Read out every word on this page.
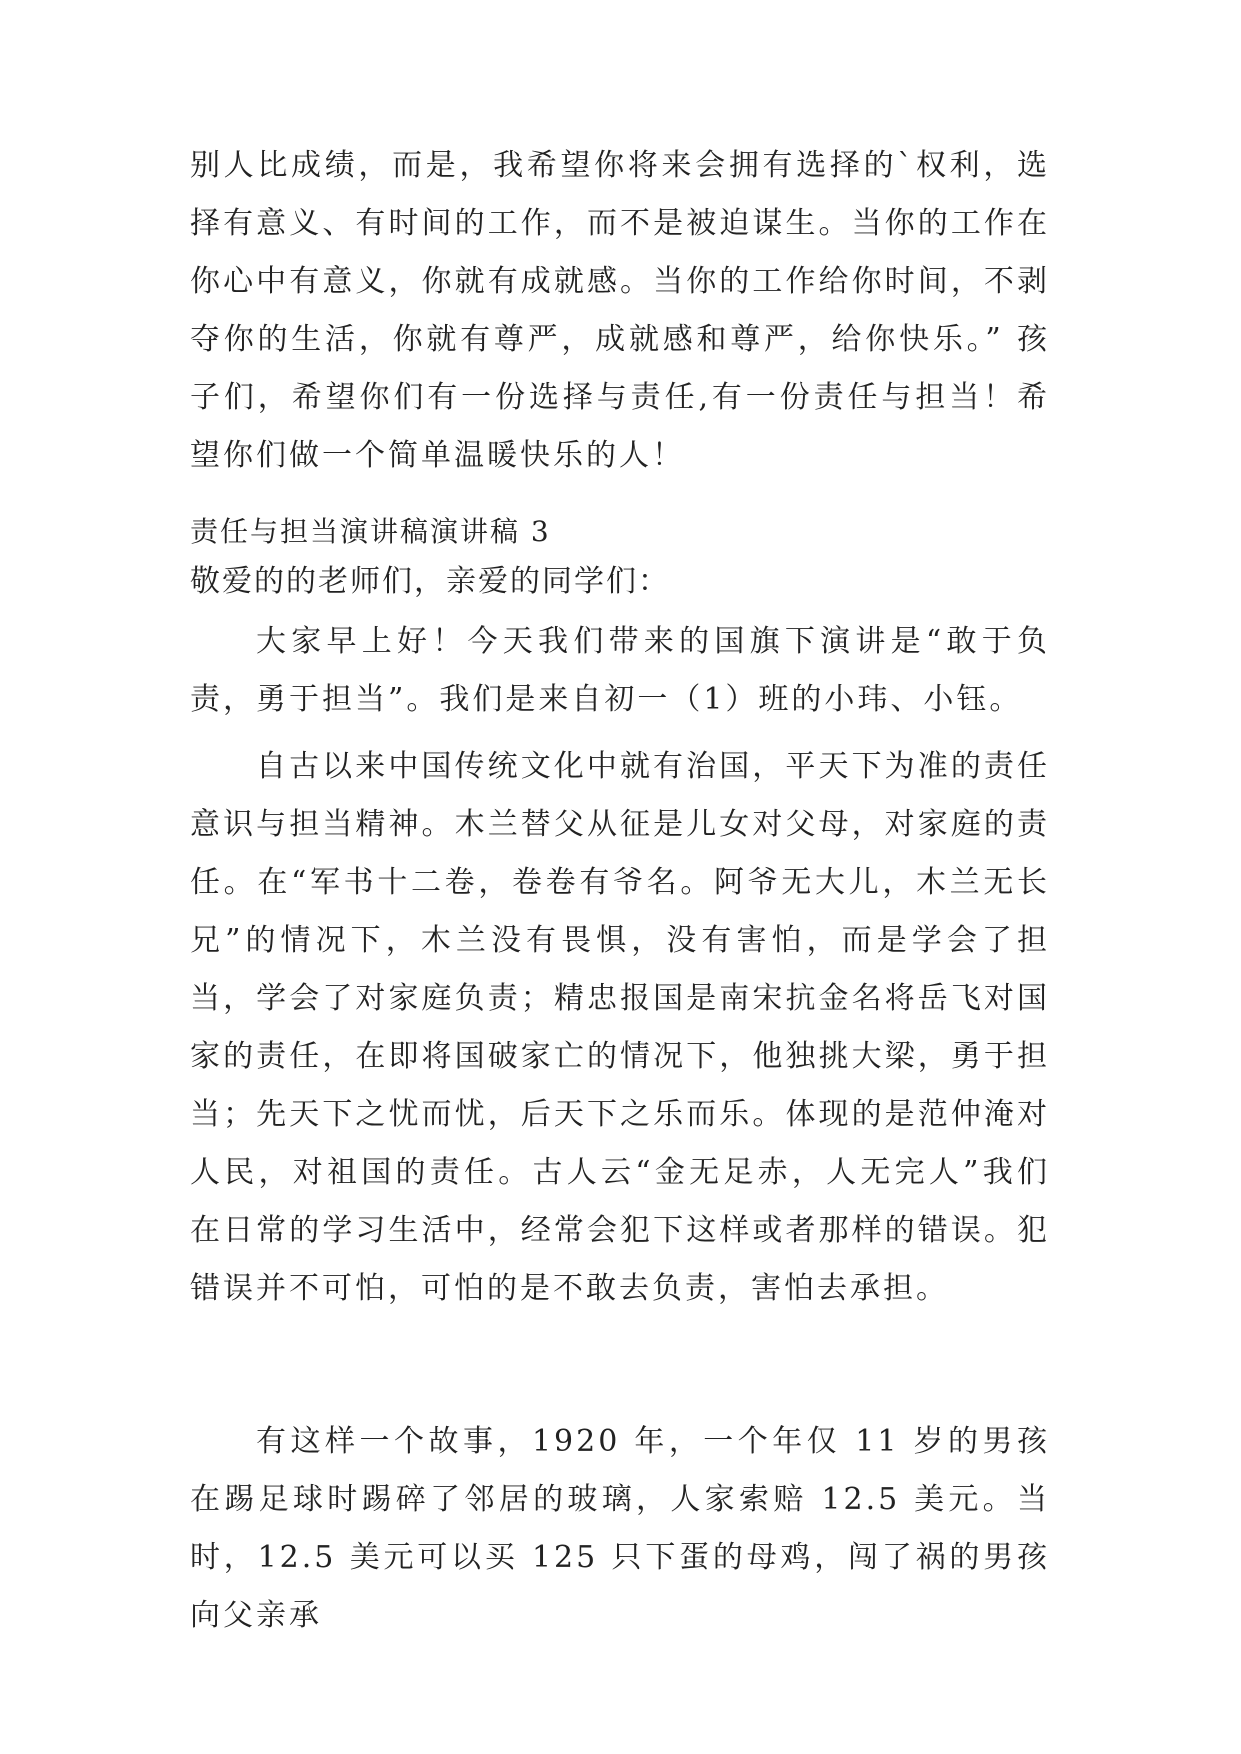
别人比成绩，而是，我希望你将来会拥有选择的`权利，选择有意义、有时间的工作，而不是被迫谋生。当你的工作在你心中有意义，你就有成就感。当你的工作给你时间，不剥夺你的生活，你就有尊严，成就感和尊严，给你快乐。” 孩子们，希望你们有一份选择与责任,有一份责任与担当！希望你们做一个简单温暖快乐的人！

责任与担当演讲稿演讲稿 3

敬爱的的老师们，亲爱的同学们：

大家早上好！今天我们带来的国旗下演讲是“敢于负责，勇于担当”。我们是来自初一（1）班的小玮、小钰。

自古以来中国传统文化中就有治国，平天下为准的责任意识与担当精神。木兰替父从征是儿女对父母，对家庭的责任。在“军书十二卷，卷卷有爷名。阿爷无大儿，木兰无长兄”的情况下，木兰没有畏惧，没有害怕，而是学会了担当，学会了对家庭负责；精忠报国是南宋抗金名将岳飞对国家的责任，在即将国破家亡的情况下，他独挑大梁，勇于担当；先天下之忧而忧，后天下之乐而乐。体现的是范仲淹对人民，对祖国的责任。古人云“金无足赤，人无完人”我们在日常的学习生活中，经常会犯下这样或者那样的错误。犯错误并不可怕，可怕的是不敢去负责，害怕去承担。

有这样一个故事，1920 年，一个年仅 11 岁的男孩在踢足球时踢碎了邻居的玻璃，人家索赔 12.5 美元。当时，12.5 美元可以买 125 只下蛋的母鸡，闯了祸的男孩向父亲承
